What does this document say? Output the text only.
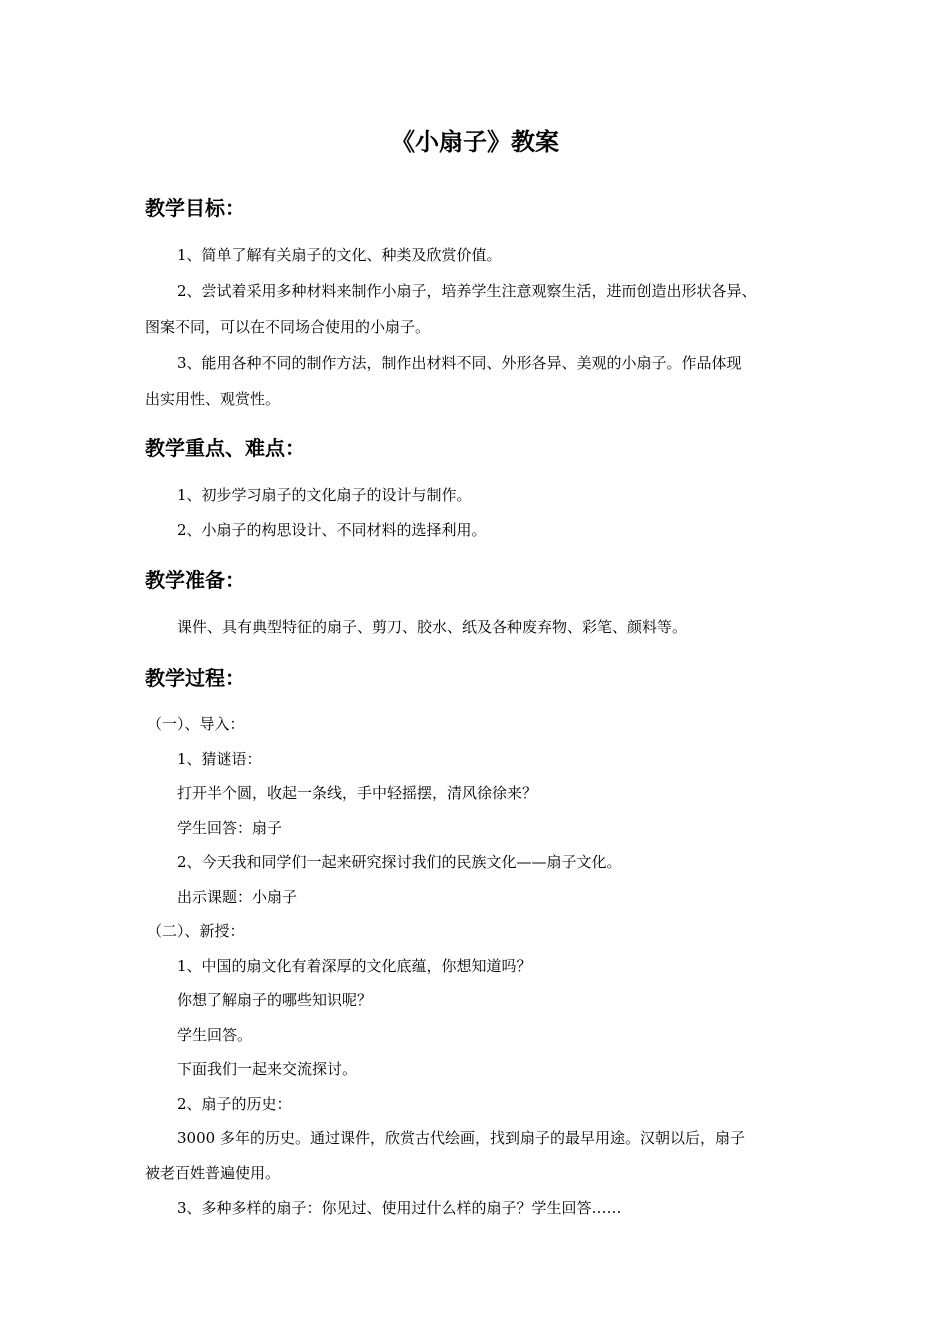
《小扇子》教案
教学目标：

1、简单了解有关扇子的文化、种类及欣赏价值。

2、尝试着采用多种材料来制作小扇子，培养学生注意观察生活，进而创造出形状各异、

图案不同，可以在不同场合使用的小扇子。

3、能用各种不同的制作方法，制作出材料不同、外形各异、美观的小扇子。作品体现

出实用性、观赏性。

教学重点、难点：

1、初步学习扇子的文化扇子的设计与制作。

2、小扇子的构思设计、不同材料的选择利用。

教学准备：

课件、具有典型特征的扇子、剪刀、胶水、纸及各种废弃物、彩笔、颜料等。

教学过程：

（一）、导入：

1、猜谜语：

打开半个圆，收起一条线，手中轻摇摆，清风徐徐来？

学生回答：扇子

2、今天我和同学们一起来研究探讨我们的民族文化——扇子文化。

出示课题：小扇子

（二）、新授：

1、中国的扇文化有着深厚的文化底蕴，你想知道吗？

你想了解扇子的哪些知识呢？

学生回答。

下面我们一起来交流探讨。

2、扇子的历史：

3000 多年的历史。通过课件，欣赏古代绘画，找到扇子的最早用途。汉朝以后，扇子

被老百姓普遍使用。

3、多种多样的扇子：你见过、使用过什么样的扇子？学生回答……
